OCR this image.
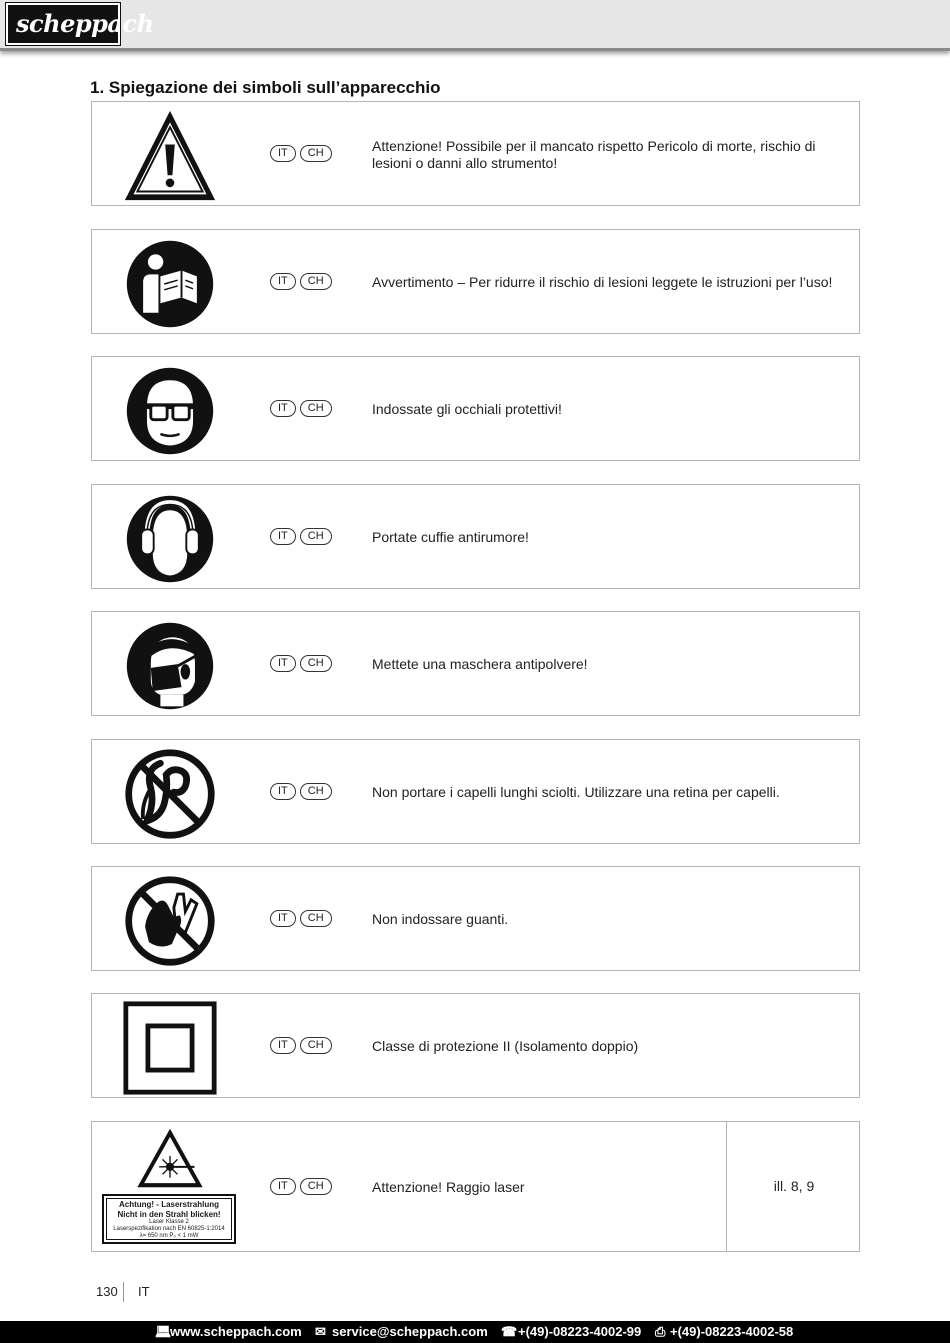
scheppach
1. Spiegazione dei simboli sull’apparecchio
IT	CH	Attenzione! Possibile per il mancato rispetto Pericolo di morte, rischio di lesioni o danni allo strumento!
IT	CH	Avvertimento – Per ridurre il rischio di lesioni leggete le istruzioni per l’uso!
IT	CH	Indossate gli occhiali protettivi!
IT	CH	Portate cuffie antirumore!
IT	CH	Mettete una maschera antipolvere!
IT	CH	Non portare i capelli lunghi sciolti. Utilizzare una retina per capelli.
IT	CH	Non indossare guanti.
IT	CH	Classe di protezione II (Isolamento doppio)
Achtung! - Laserstrahlung
Nicht in den Strahl blicken!
Laser Klasse 2
Laserspezifikation nach EN 60825-1:2014
λ= 650 nm P₀ < 1 mW
IT	CH	Attenzione! Raggio laser	ill. 8, 9
130 IT
💻︎
www.scheppach.com ✉ service@scheppach.com ☎ +(49)-08223-4002-99 ⎙ +(49)-08223-4002-58
